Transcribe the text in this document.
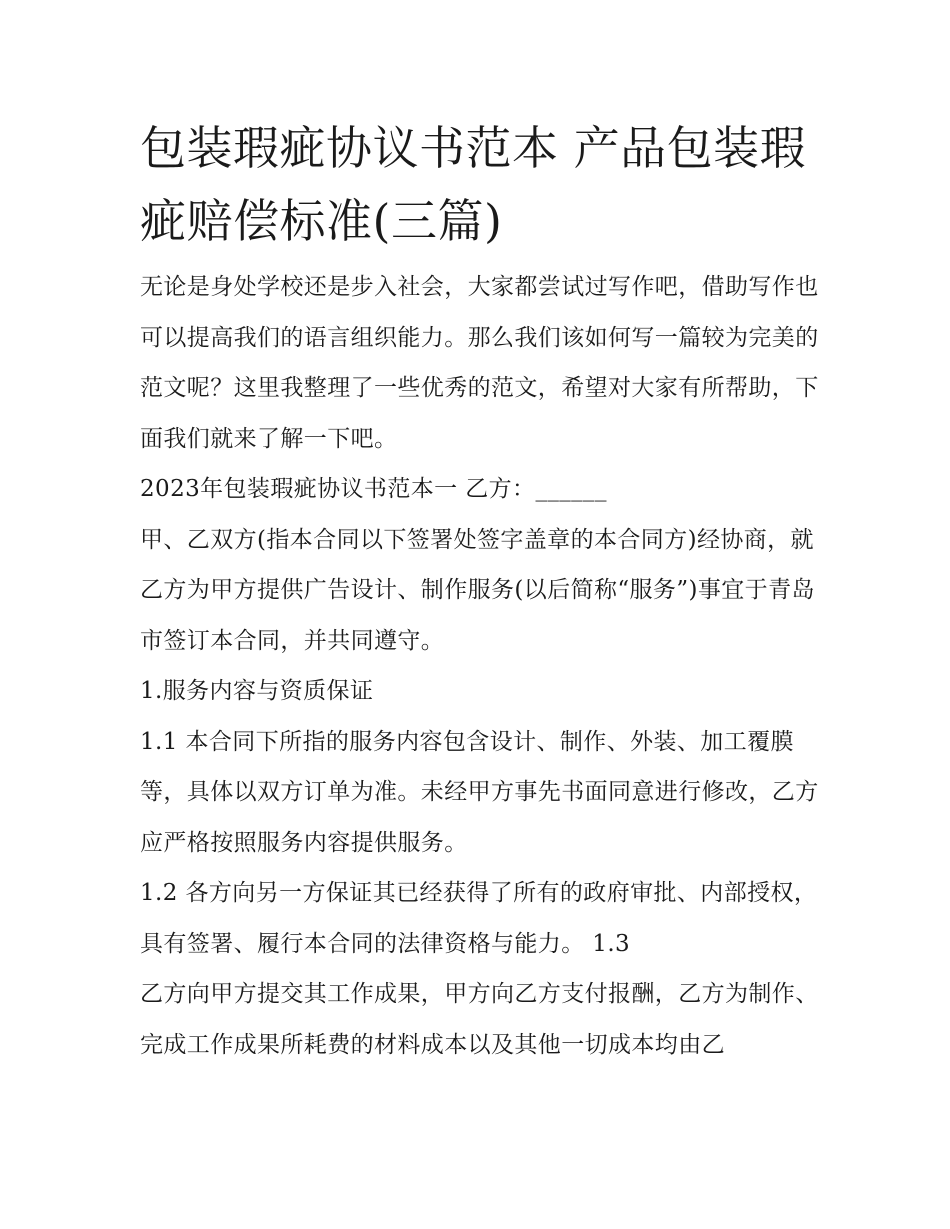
包装瑕疵协议书范本 产品包装瑕疵赔偿标准(三篇)

无论是身处学校还是步入社会，大家都尝试过写作吧，借助写作也可以提高我们的语言组织能力。那么我们该如何写一篇较为完美的范文呢？这里我整理了一些优秀的范文，希望对大家有所帮助，下面我们就来了解一下吧。

2023年包装瑕疵协议书范本一 乙方：______

甲、乙双方(指本合同以下签署处签字盖章的本合同方)经协商，就乙方为甲方提供广告设计、制作服务(以后简称“服务”)事宜于青岛市签订本合同，并共同遵守。

1.服务内容与资质保证

1.1 本合同下所指的服务内容包含设计、制作、外装、加工覆膜等，具体以双方订单为准。未经甲方事先书面同意进行修改，乙方应严格按照服务内容提供服务。

1.2 各方向另一方保证其已经获得了所有的政府审批、内部授权，具有签署、履行本合同的法律资格与能力。 1.3

乙方向甲方提交其工作成果，甲方向乙方支付报酬，乙方为制作、完成工作成果所耗费的材料成本以及其他一切成本均由乙
